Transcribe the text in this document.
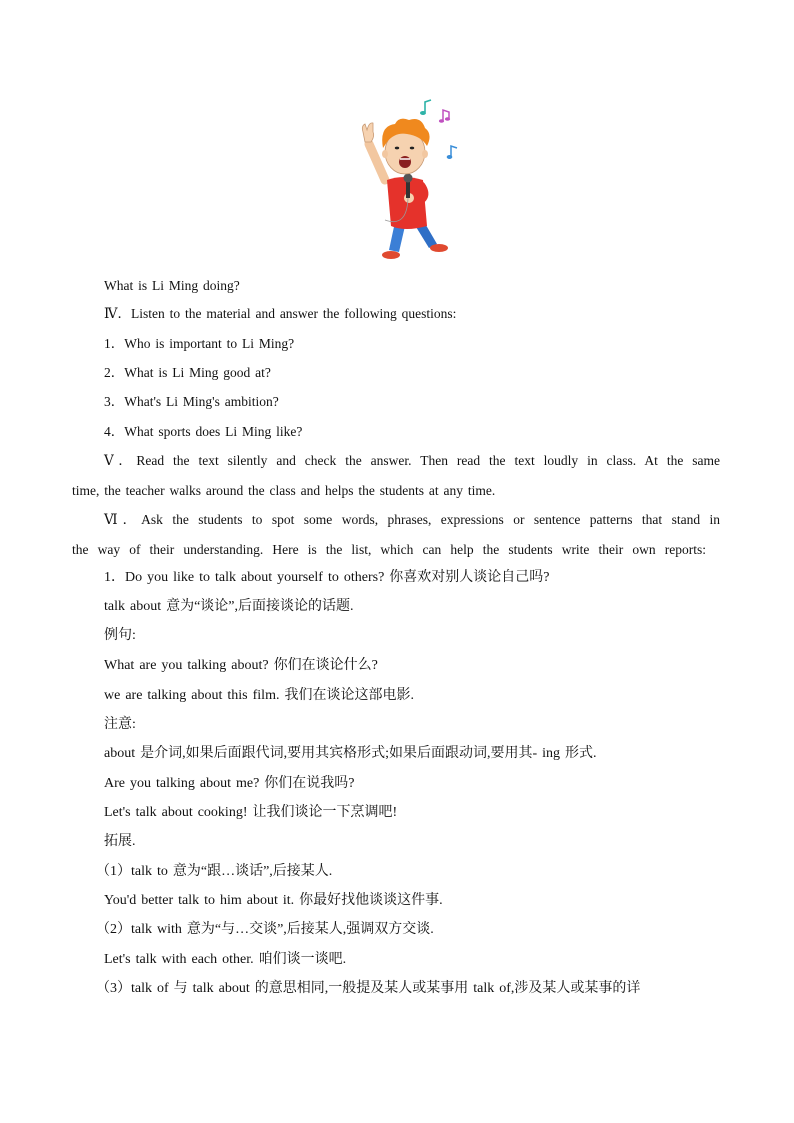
What is Li Ming doing?
Ⅳ．Listen to the material and answer the following questions:
1．Who is important to Li Ming?
2．What is Li Ming good at?
3．What's Li Ming's ambition?
4．What sports does Li Ming like?
Ⅴ．Read the text silently and check the answer. Then read the text loudly in class. At the same
time, the teacher walks around the class and helps the students at any time.
Ⅵ．Ask the students to spot some words, phrases, expressions or sentence patterns that stand in
the way of their understanding. Here is the list, which can help the students write their own reports:
1．Do you like to talk about yourself to others? 你喜欢对别人谈论自己吗?
talk about 意为“谈论”,后面接谈论的话题.
例句:
What are you talking about? 你们在谈论什么?
we are talking about this film. 我们在谈论这部电影.
注意:
about 是介词,如果后面跟代词,要用其宾格形式;如果后面跟动词,要用其- ing 形式.
Are you talking about me? 你们在说我吗?
Let's talk about cooking! 让我们谈论一下烹调吧!
拓展.
（1）talk to 意为“跟…谈话”,后接某人.
You'd better talk to him about it. 你最好找他谈谈这件事.
（2）talk with 意为“与…交谈”,后接某人,强调双方交谈.
Let's talk with each other. 咱们谈一谈吧.
（3）talk of 与 talk about 的意思相同,一般提及某人或某事用 talk of,涉及某人或某事的详
